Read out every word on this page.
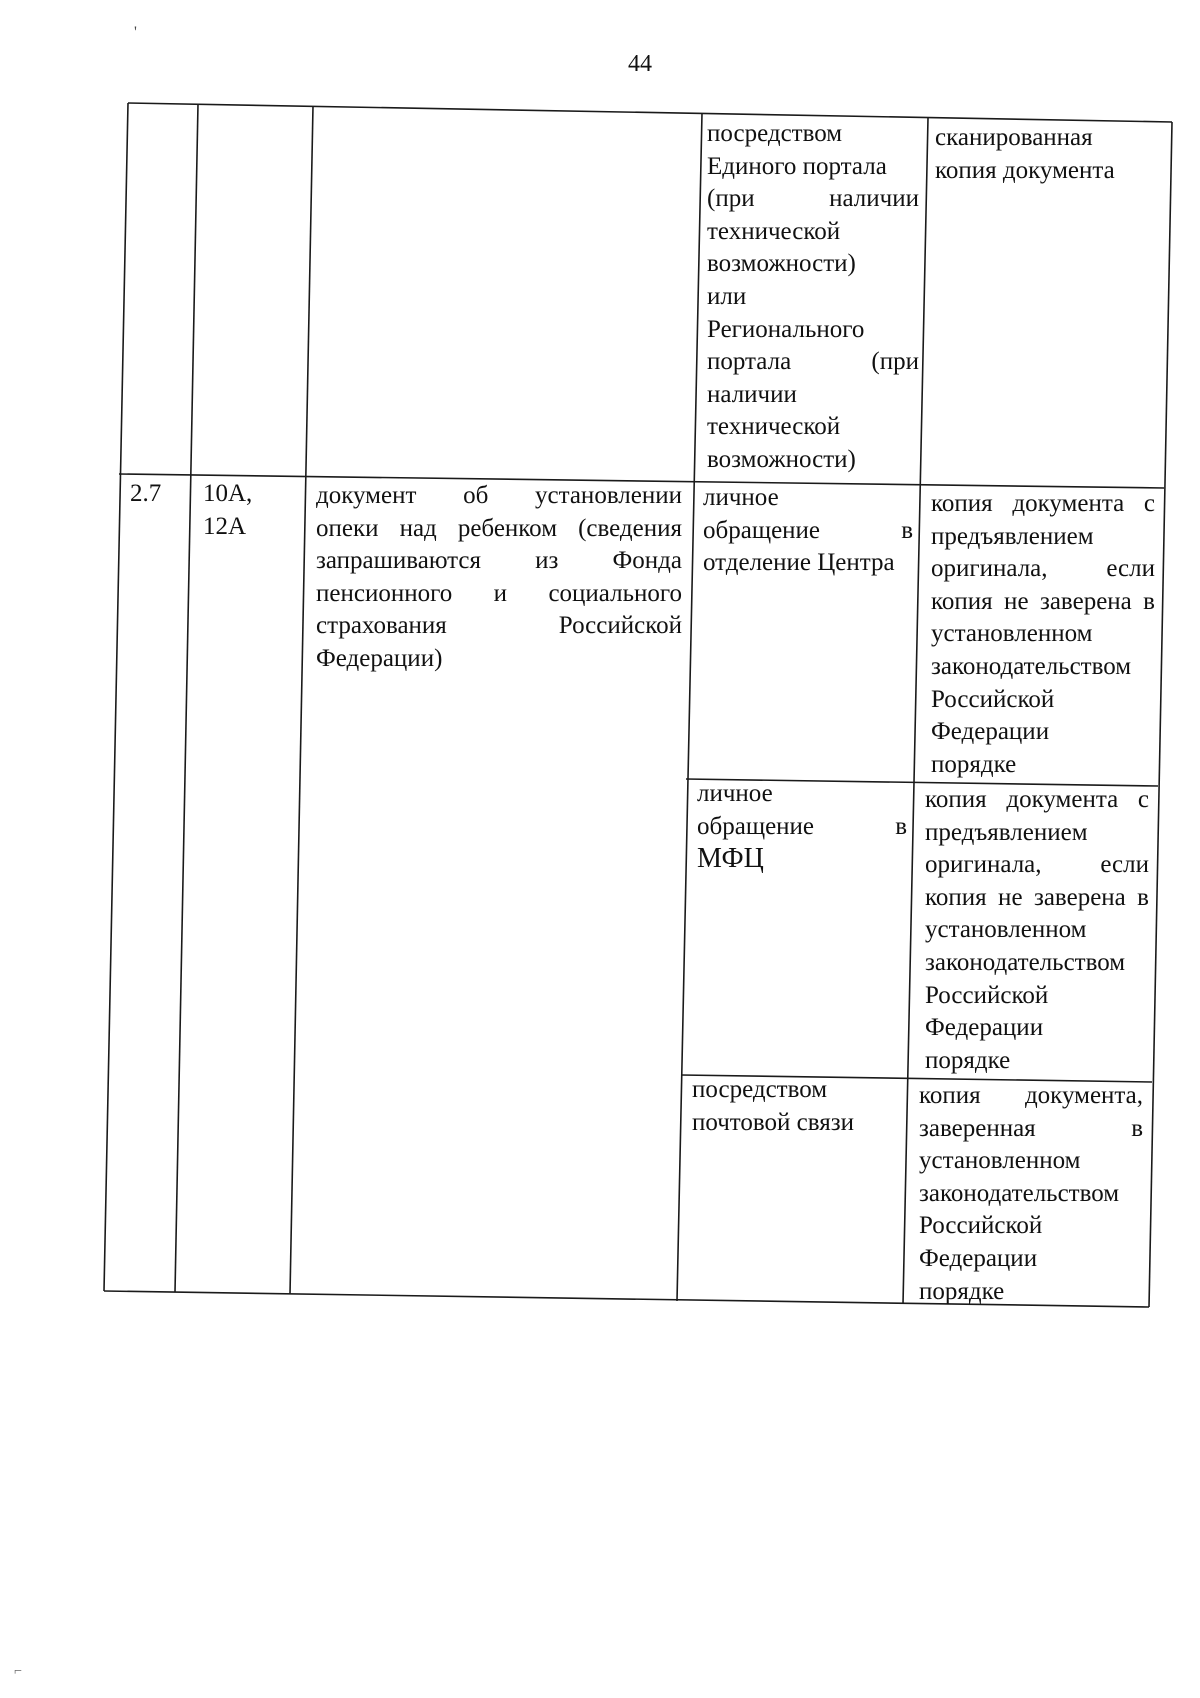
'
44
посредством
Единого портала
(при наличии
технической
возможности)
или
Регионального
портала (при
наличии
технической
возможности)
сканированная
копия документа
2.7	10А,
12А
документ об установлении
опеки над ребенком (сведения
запрашиваются из Фонда
пенсионного и социального
страхования Российской
Федерации)
личное
обращение в
отделение Центра
копия документа с
предъявлением
оригинала, если
копия не заверена в
установленном
законодательством
Российской
Федерации
порядке
личное
обращение в
МФЦ
копия документа с
предъявлением
оригинала, если
копия не заверена в
установленном
законодательством
Российской
Федерации
порядке
посредством
почтовой связи
копия документа,
заверенная в
установленном
законодательством
Российской
Федерации
порядке
⌐
